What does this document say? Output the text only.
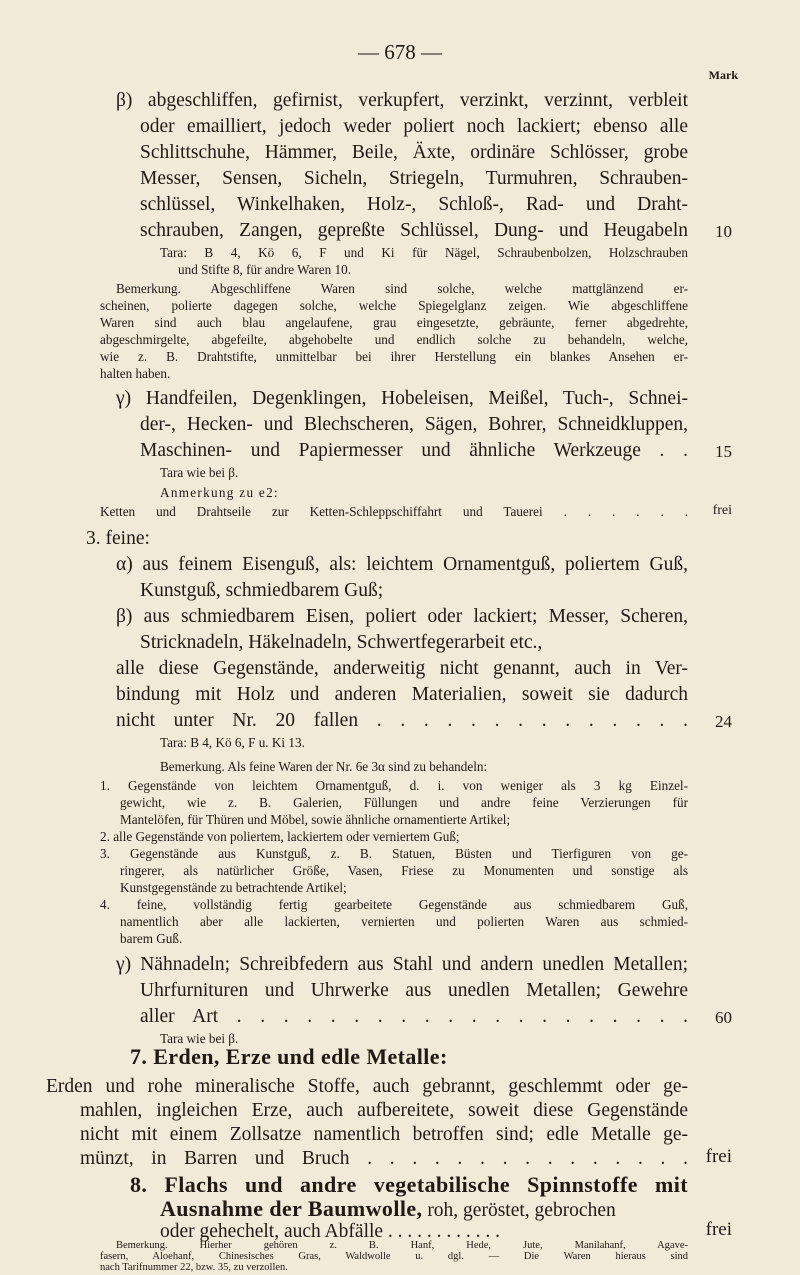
— 678 —
Mark
β) abgeschliffen, gefirnist, verkupfert, verzinkt, verzinnt, verbleit
oder emailliert, jedoch weder poliert noch lackiert; ebenso alle
Schlittschuhe, Hämmer, Beile, Äxte, ordinäre Schlösser, grobe
Messer, Sensen, Sicheln, Striegeln, Turmuhren, Schrauben-
schlüssel, Winkelhaken, Holz-, Schloß-, Rad- und Draht-
schrauben, Zangen, gepreßte Schlüssel, Dung- und Heugabeln 10
Tara: B 4, Kö 6, F und Ki für Nägel, Schraubenbolzen, Holzschrauben
und Stifte 8, für andre Waren 10.
Bemerkung. Abgeschliffene Waren sind solche, welche mattglänzend er-
scheinen, polierte dagegen solche, welche Spiegelglanz zeigen. Wie abgeschliffene
Waren sind auch blau angelaufene, grau eingesetzte, gebräunte, ferner abgedrehte,
abgeschmirgelte, abgefeilte, abgehobelte und endlich solche zu behandeln, welche,
wie z. B. Drahtstifte, unmittelbar bei ihrer Herstellung ein blankes Ansehen er-
halten haben.
γ) Handfeilen, Degenklingen, Hobeleisen, Meißel, Tuch-, Schnei-
der-, Hecken- und Blechscheren, Sägen, Bohrer, Schneidkluppen,
Maschinen- und Papiermesser und ähnliche Werkzeuge . . 15
Tara wie bei β.
Anmerkung zu e2:
Ketten und Drahtseile zur Ketten-Schleppschiffahrt und Tauerei . . . . . . frei
3. feine:
α) aus feinem Eisenguß, als: leichtem Ornamentguß, poliertem Guß,
Kunstguß, schmiedbarem Guß;
β) aus schmiedbarem Eisen, poliert oder lackiert; Messer, Scheren,
Stricknadeln, Häkelnadeln, Schwertfegerarbeit etc.,
alle diese Gegenstände, anderweitig nicht genannt, auch in Ver-
bindung mit Holz und anderen Materialien, soweit sie dadurch
nicht unter Nr. 20 fallen . . . . . . . . . . . . . . 24
Tara: B 4, Kö 6, F u. Ki 13.
Bemerkung. Als feine Waren der Nr. 6e 3α sind zu behandeln:
1. Gegenstände von leichtem Ornamentguß, d. i. von weniger als 3 kg Einzel-
gewicht, wie z. B. Galerien, Füllungen und andre feine Verzierungen für
Mantelöfen, für Thüren und Möbel, sowie ähnliche ornamentierte Artikel;
2. alle Gegenstände von poliertem, lackiertem oder verniertem Guß;
3. Gegenstände aus Kunstguß, z. B. Statuen, Büsten und Tierfiguren von ge-
ringerer, als natürlicher Größe, Vasen, Friese zu Monumenten und sonstige als
Kunstgegenstände zu betrachtende Artikel;
4. feine, vollständig fertig gearbeitete Gegenstände aus schmiedbarem Guß,
namentlich aber alle lackierten, vernierten und polierten Waren aus schmied-
barem Guß.
γ) Nähnadeln; Schreibfedern aus Stahl und andern unedlen Metallen;
Uhrfurnituren und Uhrwerke aus unedlen Metallen; Gewehre
aller Art . . . . . . . . . . . . . . . . . . . . 60
Tara wie bei β.
7. Erden, Erze und edle Metalle:
Erden und rohe mineralische Stoffe, auch gebrannt, geschlemmt oder ge-
mahlen, ingleichen Erze, auch aufbereitete, soweit diese Gegenstände
nicht mit einem Zollsatze namentlich betroffen sind; edle Metalle ge-
münzt, in Barren und Bruch . . . . . . . . . . . . . . . frei
8. Flachs und andre vegetabilische Spinnstoffe mit
Ausnahme der Baumwolle, roh, geröstet, gebrochen
oder gehechelt, auch Abfälle . . . . . . . . . . . .	frei
Bemerkung. Hierher gehören z. B. Hanf, Hede, Jute, Manilahanf, Agave-
fasern, Aloehanf, Chinesisches Gras, Waldwolle u. dgl. — Die Waren hieraus sind
nach Tarifnummer 22, bzw. 35, zu verzollen.
